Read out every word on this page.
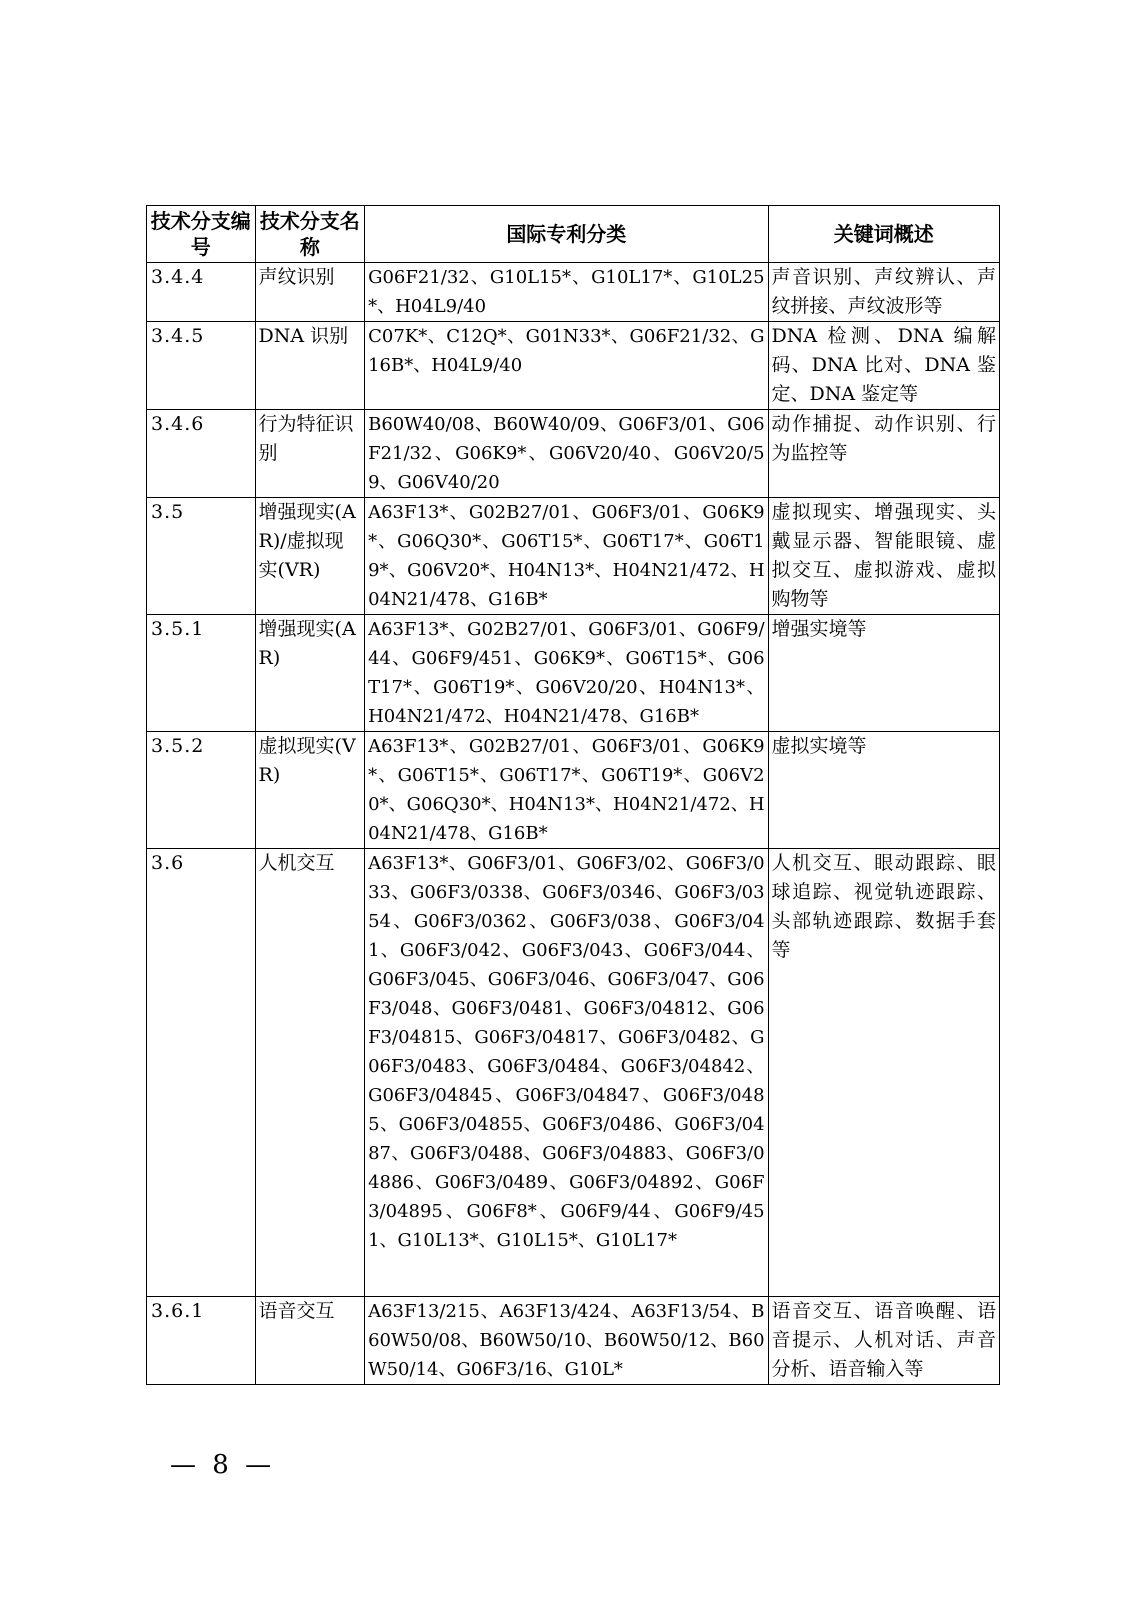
技术分支编号	技术分支名称	国际专利分类	关键词概述
3.4.4	声纹识别	G06F21/32、G10L15*、G10L17*、G10L25*、H04L9/40	声音识别、声纹辨认、声纹拼接、声纹波形等
3.4.5	DNA 识别	C07K*、C12Q*、G01N33*、G06F21/32、G16B*、H04L9/40	DNA 检测、DNA 编解码、DNA 比对、DNA 鉴定、DNA 鉴定等
3.4.6	行为特征识别	B60W40/08、B60W40/09、G06F3/01、G06F21/32、G06K9*、G06V20/40、G06V20/59、G06V40/20	动作捕捉、动作识别、行为监控等
3.5	增强现实(AR)/虚拟现实(VR)	A63F13*、G02B27/01、G06F3/01、G06K9*、G06Q30*、G06T15*、G06T17*、G06T19*、G06V20*、H04N13*、H04N21/472、H04N21/478、G16B*	虚拟现实、增强现实、头戴显示器、智能眼镜、虚拟交互、虚拟游戏、虚拟购物等
3.5.1	增强现实(AR)	A63F13*、G02B27/01、G06F3/01、G06F9/44、G06F9/451、G06K9*、G06T15*、G06T17*、G06T19*、G06V20/20、H04N13*、H04N21/472、H04N21/478、G16B*	增强实境等
3.5.2	虚拟现实(VR)	A63F13*、G02B27/01、G06F3/01、G06K9*、G06T15*、G06T17*、G06T19*、G06V20*、G06Q30*、H04N13*、H04N21/472、H04N21/478、G16B*	虚拟实境等
3.6	人机交互	A63F13*、G06F3/01、G06F3/02、G06F3/033、G06F3/0338、G06F3/0346、G06F3/0354、G06F3/0362、G06F3/038、G06F3/041、G06F3/042、G06F3/043、G06F3/044、G06F3/045、G06F3/046、G06F3/047、G06F3/048、G06F3/0481、G06F3/04812、G06F3/04815、G06F3/04817、G06F3/0482、G06F3/0483、G06F3/0484、G06F3/04842、G06F3/04845、G06F3/04847、G06F3/0485、G06F3/04855、G06F3/0486、G06F3/0487、G06F3/0488、G06F3/04883、G06F3/04886、G06F3/0489、G06F3/04892、G06F3/04895、G06F8*、G06F9/44、G06F9/451、G10L13*、G10L15*、G10L17*	人机交互、眼动跟踪、眼球追踪、视觉轨迹跟踪、头部轨迹跟踪、数据手套等
3.6.1	语音交互	A63F13/215、A63F13/424、A63F13/54、B60W50/08、B60W50/10、B60W50/12、B60W50/14、G06F3/16、G10L*	语音交互、语音唤醒、语音提示、人机对话、声音分析、语音输入等
— 8 —
